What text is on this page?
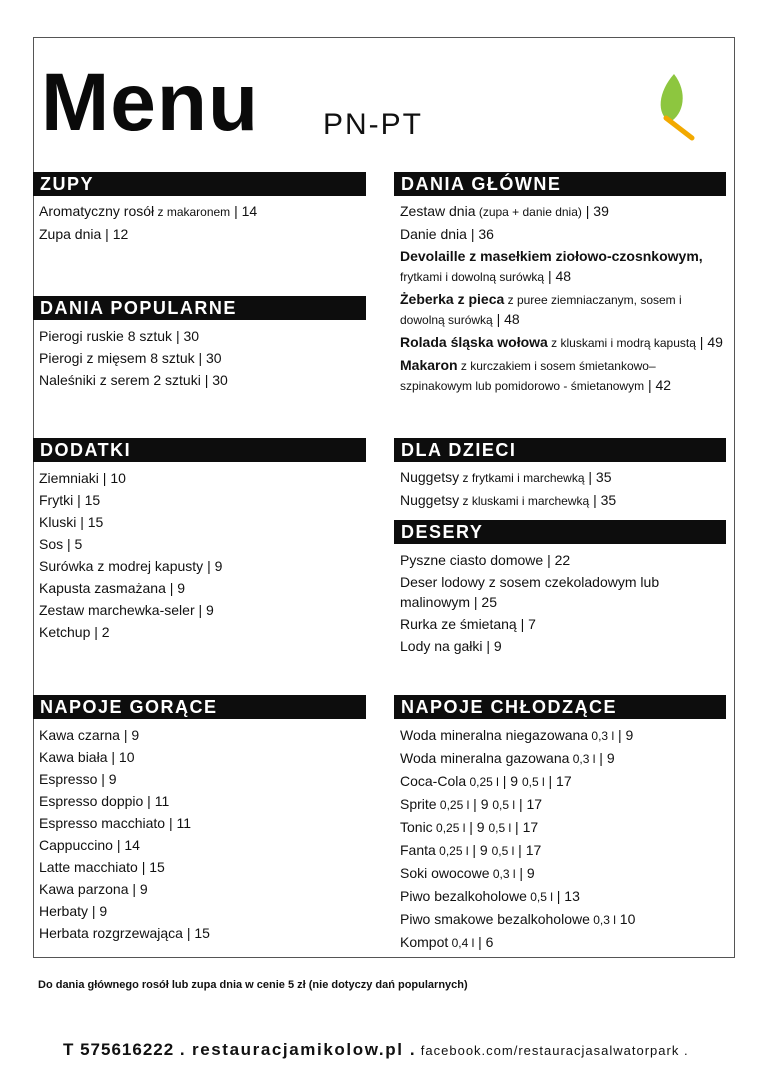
Menu PN-PT
ZUPY
Aromatyczny rosół z makaronem | 14
Zupa dnia | 12
DANIA POPULARNE
Pierogi ruskie 8 sztuk | 30
Pierogi z mięsem 8 sztuk | 30
Naleśniki z serem 2 sztuki | 30
DODATKI
Ziemniaki | 10
Frytki | 15
Kluski | 15
Sos | 5
Surówka z modrej kapusty | 9
Kapusta zasmażana | 9
Zestaw marchewka-seler | 9
Ketchup | 2
NAPOJE GORĄCE
Kawa czarna | 9
Kawa biała | 10
Espresso | 9
Espresso doppio | 11
Espresso macchiato | 11
Cappuccino | 14
Latte macchiato | 15
Kawa parzona | 9
Herbaty | 9
Herbata rozgrzewająca | 15
DANIA GŁÓWNE
Zestaw dnia (zupa + danie dnia) | 39
Danie dnia | 36
Devolaille z masełkiem ziołowo-czosnkowym, frytkami i dowolną surówką | 48
Żeberka z pieca z puree ziemniaczanym, sosem i dowolną surówką | 48
Rolada śląska wołowa z kluskami i modrą kapustą | 49
Makaron z kurczakiem i sosem śmietankowo– szpinakowym lub pomidorowo - śmietanowym | 42
DLA DZIECI
Nuggetsy z frytkami i marchewką | 35
Nuggetsy z kluskami i marchewką | 35
DESERY
Pyszne ciasto domowe | 22
Deser lodowy z sosem czekoladowym lub malinowym | 25
Rurka ze śmietaną | 7
Lody na gałki | 9
NAPOJE CHŁODZĄCE
Woda mineralna niegazowana 0,3 l | 9
Woda mineralna gazowana 0,3 l | 9
Coca-Cola 0,25 l | 9 0,5 l | 17
Sprite 0,25 l | 9 0,5 l | 17
Tonic 0,25 l | 9 0,5 l | 17
Fanta 0,25 l | 9 0,5 l | 17
Soki owocowe 0,3 l | 9
Piwo bezalkoholowe 0,5 l | 13
Piwo smakowe bezalkoholowe 0,3 l 10
Kompot 0,4 l | 6
Do dania głównego rosół lub zupa dnia w cenie 5 zł (nie dotyczy dań popularnych)
T 575616222 . restauracjamikolow.pl . facebook.com/restauracjasalwatorpark .
